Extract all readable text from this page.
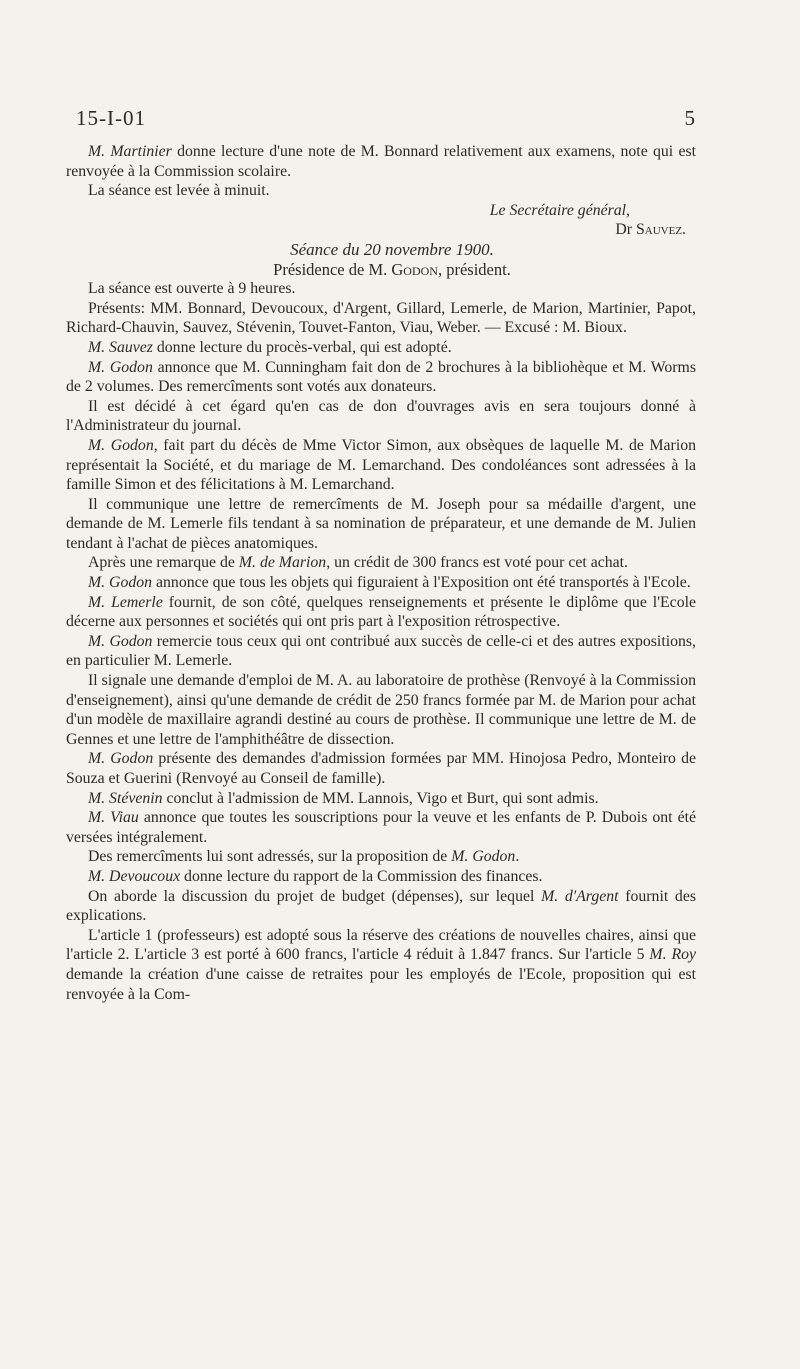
15-I-01	5

M. Martinier donne lecture d'une note de M. Bonnard relativement aux examens, note qui est renvoyée à la Commission scolaire.

La séance est levée à minuit.

Le Secrétaire général,

Dr Sauvez.

Séance du 20 novembre 1900.

Présidence de M. Godon, président.

La séance est ouverte à 9 heures.

Présents: MM. Bonnard, Devoucoux, d'Argent, Gillard, Lemerle, de Marion, Martinier, Papot, Richard-Chauvin, Sauvez, Stévenin, Touvet-Fanton, Viau, Weber. — Excusé : M. Bioux.

M. Sauvez donne lecture du procès-verbal, qui est adopté.

M. Godon annonce que M. Cunningham fait don de 2 brochures à la bibliohèque et M. Worms de 2 volumes. Des remercîments sont votés aux donateurs.

Il est décidé à cet égard qu'en cas de don d'ouvrages avis en sera toujours donné à l'Administrateur du journal.

M. Godon, fait part du décès de Mme Victor Simon, aux obsèques de laquelle M. de Marion représentait la Société, et du mariage de M. Lemarchand. Des condoléances sont adressées à la famille Simon et des félicitations à M. Lemarchand.

Il communique une lettre de remercîments de M. Joseph pour sa médaille d'argent, une demande de M. Lemerle fils tendant à sa nomination de préparateur, et une demande de M. Julien tendant à l'achat de pièces anatomiques.

Après une remarque de M. de Marion, un crédit de 300 francs est voté pour cet achat.

M. Godon annonce que tous les objets qui figuraient à l'Exposition ont été transportés à l'Ecole.

M. Lemerle fournit, de son côté, quelques renseignements et présente le diplôme que l'Ecole décerne aux personnes et sociétés qui ont pris part à l'exposition rétrospective.

M. Godon remercie tous ceux qui ont contribué aux succès de celle-ci et des autres expositions, en particulier M. Lemerle.

Il signale une demande d'emploi de M. A. au laboratoire de prothèse (Renvoyé à la Commission d'enseignement), ainsi qu'une demande de crédit de 250 francs formée par M. de Marion pour achat d'un modèle de maxillaire agrandi destiné au cours de prothèse. Il communique une lettre de M. de Gennes et une lettre de l'amphithéâtre de dissection.

M. Godon présente des demandes d'admission formées par MM. Hinojosa Pedro, Monteiro de Souza et Guerini (Renvoyé au Conseil de famille).

M. Stévenin conclut à l'admission de MM. Lannois, Vigo et Burt, qui sont admis.

M. Viau annonce que toutes les souscriptions pour la veuve et les enfants de P. Dubois ont été versées intégralement.

Des remercîments lui sont adressés, sur la proposition de M. Godon.

M. Devoucoux donne lecture du rapport de la Commission des finances.

On aborde la discussion du projet de budget (dépenses), sur lequel M. d'Argent fournit des explications.

L'article 1 (professeurs) est adopté sous la réserve des créations de nouvelles chaires, ainsi que l'article 2. L'article 3 est porté à 600 francs, l'article 4 réduit à 1.847 francs. Sur l'article 5 M. Roy demande la création d'une caisse de retraites pour les employés de l'Ecole, proposition qui est renvoyée à la Com-
